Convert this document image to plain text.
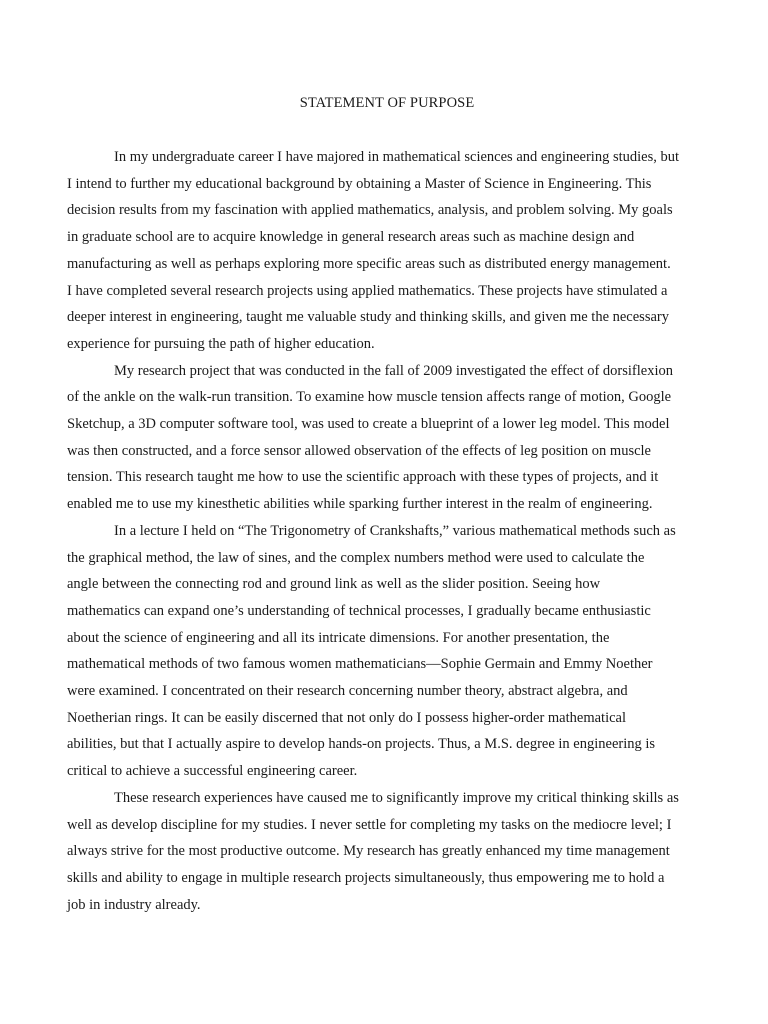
STATEMENT OF PURPOSE

In my undergraduate career I have majored in mathematical sciences and engineering studies, but
I intend to further my educational background by obtaining a Master of Science in Engineering. This
decision results from my fascination with applied mathematics, analysis, and problem solving. My goals
in graduate school are to acquire knowledge in general research areas such as machine design and
manufacturing as well as perhaps exploring more specific areas such as distributed energy management.
I have completed several research projects using applied mathematics. These projects have stimulated a
deeper interest in engineering, taught me valuable study and thinking skills, and given me the necessary
experience for pursuing the path of higher education.

My research project that was conducted in the fall of 2009 investigated the effect of dorsiflexion
of the ankle on the walk-run transition. To examine how muscle tension affects range of motion, Google
Sketchup, a 3D computer software tool, was used to create a blueprint of a lower leg model. This model
was then constructed, and a force sensor allowed observation of the effects of leg position on muscle
tension. This research taught me how to use the scientific approach with these types of projects, and it
enabled me to use my kinesthetic abilities while sparking further interest in the realm of engineering.

In a lecture I held on “The Trigonometry of Crankshafts,” various mathematical methods such as
the graphical method, the law of sines, and the complex numbers method were used to calculate the
angle between the connecting rod and ground link as well as the slider position. Seeing how
mathematics can expand one’s understanding of technical processes, I gradually became enthusiastic
about the science of engineering and all its intricate dimensions. For another presentation, the
mathematical methods of two famous women mathematicians—Sophie Germain and Emmy Noether
were examined. I concentrated on their research concerning number theory, abstract algebra, and
Noetherian rings. It can be easily discerned that not only do I possess higher-order mathematical
abilities, but that I actually aspire to develop hands-on projects. Thus, a M.S. degree in engineering is
critical to achieve a successful engineering career.

These research experiences have caused me to significantly improve my critical thinking skills as
well as develop discipline for my studies. I never settle for completing my tasks on the mediocre level; I
always strive for the most productive outcome. My research has greatly enhanced my time management
skills and ability to engage in multiple research projects simultaneously, thus empowering me to hold a
job in industry already.
